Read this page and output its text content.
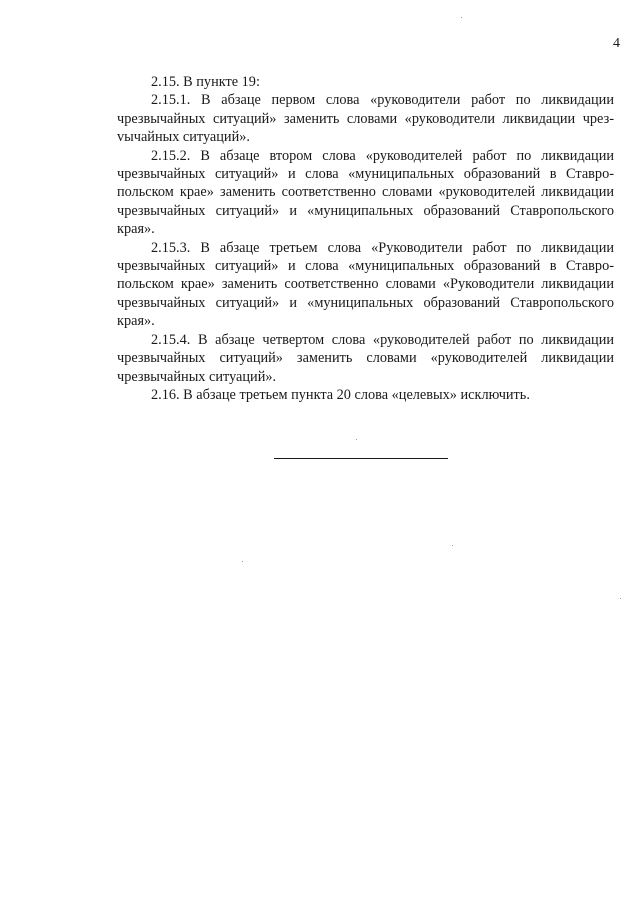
4

2.15. В пункте 19:

2.15.1. В абзаце первом слова «руководители работ по ликвидации чрезвычайных ситуаций» заменить словами «руководители ликвидации чрезvычайных ситуаций».

2.15.2. В абзаце втором слова «руководителей работ по ликвидации чрезвычайных ситуаций» и слова «муниципальных образований в Ставропольском крае» заменить соответственно словами «руководителей ликвидации чрезвычайных ситуаций» и «муниципальных образований Ставропольского края».

2.15.3. В абзаце третьем слова «Руководители работ по ликвидации чрезвычайных ситуаций» и слова «муниципальных образований в Ставропольском крае» заменить соответственно словами «Руководители ликвидации чрезвычайных ситуаций» и «муниципальных образований Ставропольского края».

2.15.4. В абзаце четвертом слова «руководителей работ по ликвидации чрезвычайных ситуаций» заменить словами «руководителей ликвидации чрезвычайных ситуаций».

2.16. В абзаце третьем пункта 20 слова «целевых» исключить.
